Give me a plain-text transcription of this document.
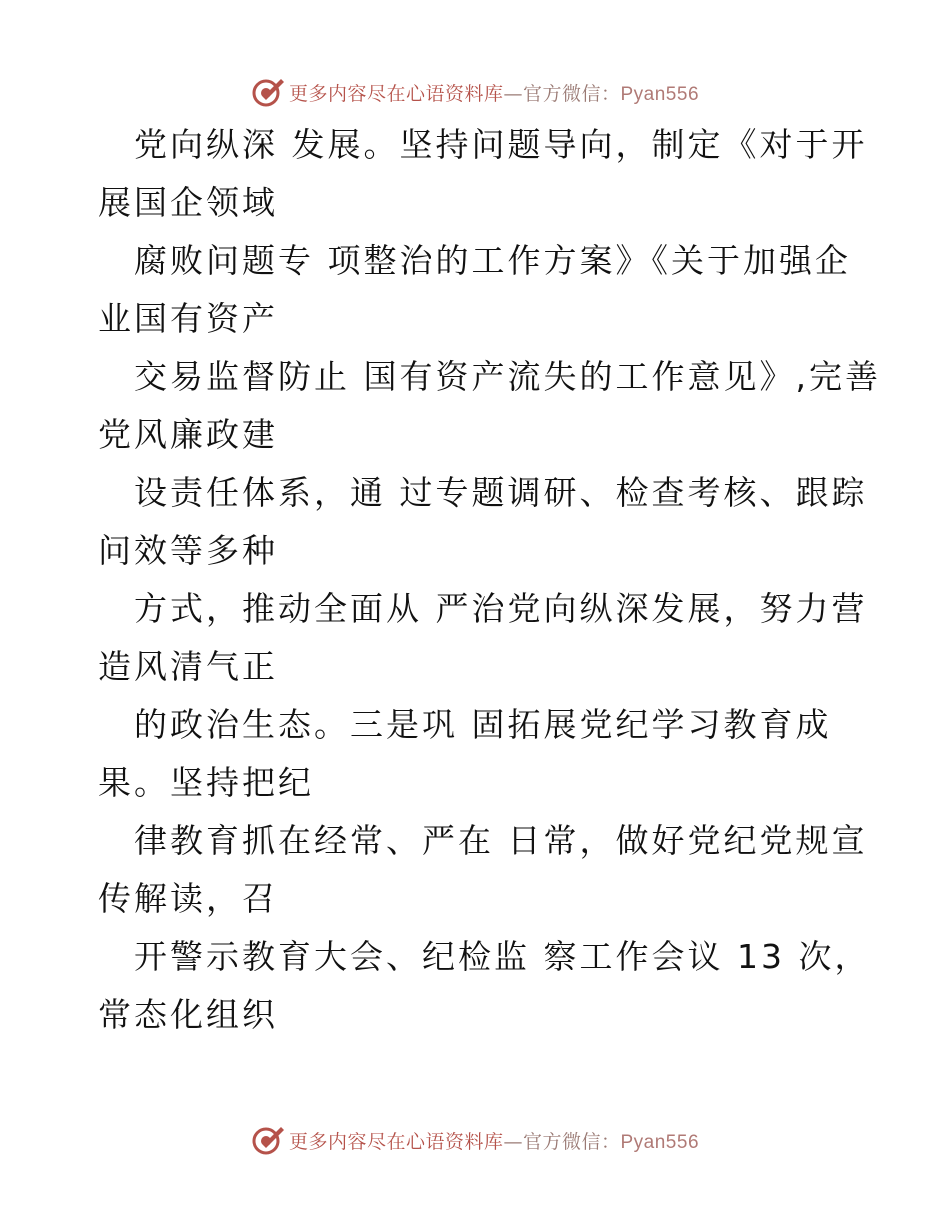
更多内容尽在心语资料库—官方微信：Pyan556
党向纵深 发展。坚持问题导向，制定《对于开
展国企领域
腐败问题专 项整治的工作方案》《关于加强企
业国有资产
交易监督防止 国有资产流失的工作意见》,完善
党风廉政建
设责任体系，通 过专题调研、检查考核、跟踪
问效等多种
方式，推动全面从 严治党向纵深发展，努力营
造风清气正
的政治生态。三是巩 固拓展党纪学习教育成
果。坚持把纪
律教育抓在经常、严在 日常，做好党纪党规宣
传解读，召
开警示教育大会、纪检监 察工作会议 13 次，
常态化组织
更多内容尽在心语资料库—官方微信：Pyan556
